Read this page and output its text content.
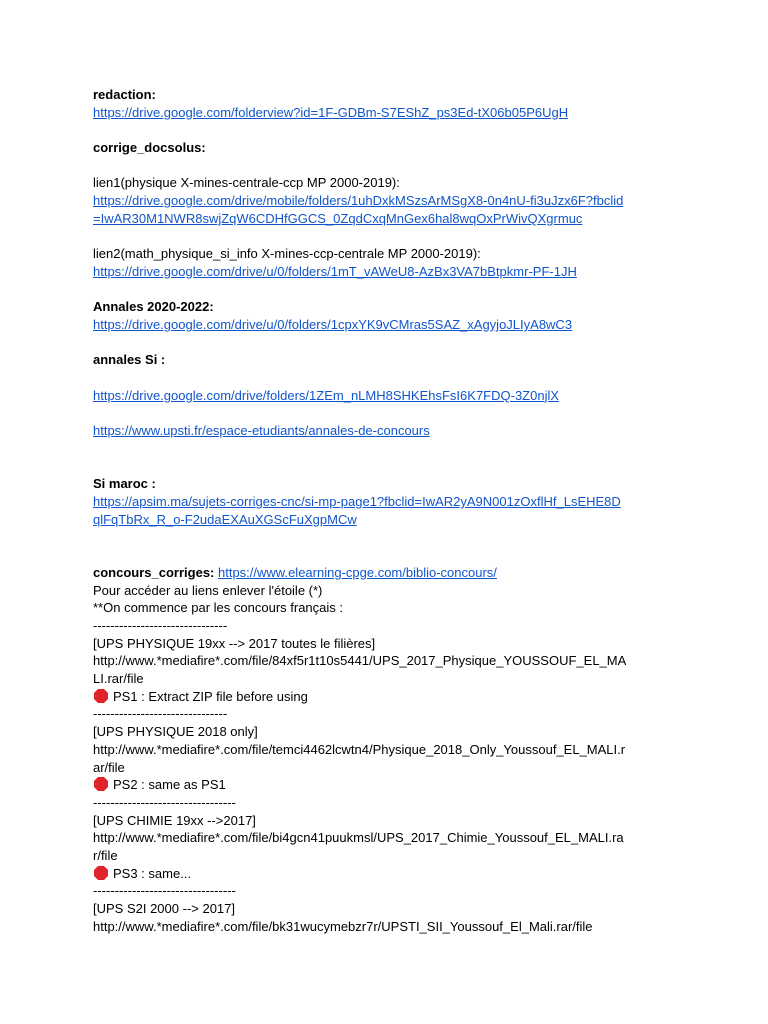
redaction:
https://drive.google.com/folderview?id=1F-GDBm-S7EShZ_ps3Ed-tX06b05P6UgH
corrige_docsolus:
lien1(physique X-mines-centrale-ccp MP 2000-2019):
https://drive.google.com/drive/mobile/folders/1uhDxkMSzsArMSgX8-0n4nU-fi3uJzx6F?fbclid
=IwAR30M1NWR8swjZqW6CDHfGGCS_0ZqdCxqMnGex6hal8wqOxPrWivQXgrmuc
lien2(math_physique_si_info X-mines-ccp-centrale MP 2000-2019):
https://drive.google.com/drive/u/0/folders/1mT_vAWeU8-AzBx3VA7bBtpkmr-PF-1JH
Annales 2020-2022:
https://drive.google.com/drive/u/0/folders/1cpxYK9vCMras5SAZ_xAgyjoJLIyA8wC3
annales Si :
https://drive.google.com/drive/folders/1ZEm_nLMH8SHKEhsFsI6K7FDQ-3Z0njlX
https://www.upsti.fr/espace-etudiants/annales-de-concours
Si maroc :
https://apsim.ma/sujets-corriges-cnc/si-mp-page1?fbclid=IwAR2yA9N001zOxflHf_LsEHE8D
qlFqTbRx_R_o-F2udaEXAuXGScFuXgpMCw
concours_corriges: https://www.elearning-cpge.com/biblio-concours/
Pour accéder au liens enlever l'étoile (*)
**On commence par les concours français :
-------------------------------
[UPS PHYSIQUE 19xx --> 2017 toutes le filières]
http://www.*mediafire*.com/file/84xf5r1t10s5441/UPS_2017_Physique_YOUSSOUF_EL_MA
LI.rar/file
PS1 : Extract ZIP file before using
-------------------------------
[UPS PHYSIQUE 2018 only]
http://www.*mediafire*.com/file/temci4462lcwtn4/Physique_2018_Only_Youssouf_EL_MALI.r
ar/file
PS2 : same as PS1
---------------------------------
[UPS CHIMIE 19xx -->2017]
http://www.*mediafire*.com/file/bi4gcn41puukmsl/UPS_2017_Chimie_Youssouf_EL_MALI.ra
r/file
PS3 : same...
---------------------------------
[UPS S2I 2000 --> 2017]
http://www.*mediafire*.com/file/bk31wucymebzr7r/UPSTI_SII_Youssouf_El_Mali.rar/file
